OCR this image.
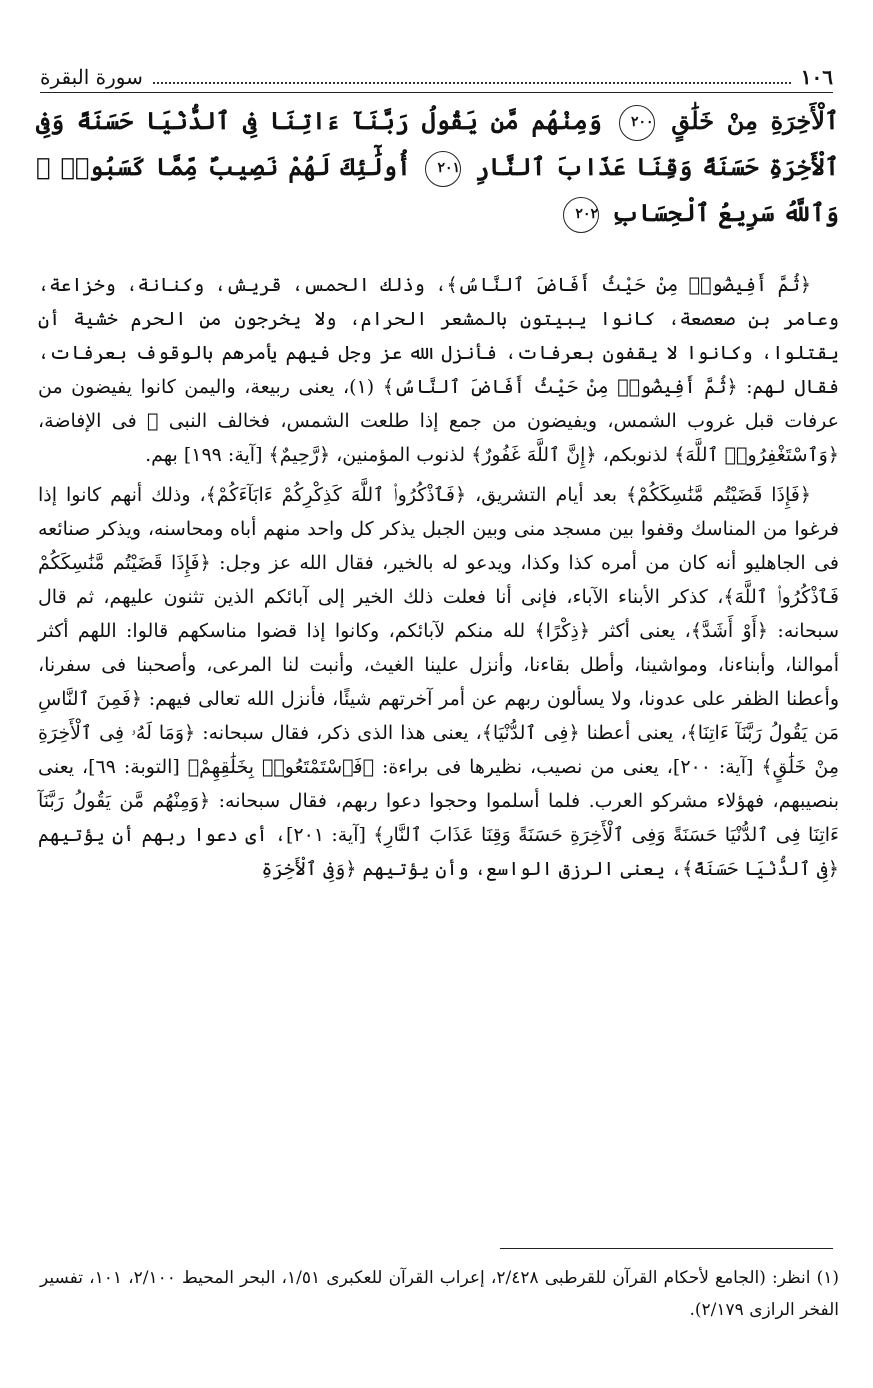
١٠٦
سورة البقرة
ٱلْأَخِرَةِ مِنْ خَلَٰقٍ ٢٠٠ وَمِنْهُم مَّن يَقُولُ رَبَّنَآ ءَاتِنَا فِى ٱلدُّنْيَا حَسَنَةً وَفِى ٱلْأَخِرَةِ حَسَنَةً وَقِنَا عَذَابَ ٱلنَّارِ ٢٠١ أُولَٰٓئِكَ لَهُمْ نَصِيبٌ مِّمَّا كَسَبُوا۟ ۚ وَٱللَّهُ سَرِيعُ ٱلْحِسَابِ ٢٠٢

﴿ثُمَّ أَفِيضُوا۟ مِنْ حَيْثُ أَفَاضَ ٱلنَّاسُ﴾، وذلك الحمس، قريش، وكنانة، وخزاعة، وعامر بن صعصعة، كانوا يبيتون بالمشعر الحرام، ولا يخرجون من الحرم خشية أن يقتلوا، وكانوا لا يقفون بعرفات، فأنزل الله عز وجل فيهم يأمرهم بالوقوف بعرفات، فقال لهم: ﴿ثُمَّ أَفِيضُوا۟ مِنْ حَيْثُ أَفَاضَ ٱلنَّاسُ﴾ (١)، يعنى ربيعة، واليمن كانوا يفيضون من عرفات قبل غروب الشمس، ويفيضون من جمع إذا طلعت الشمس، فخالف النبى ﷺ فى الإفاضة، ﴿وَٱسْتَغْفِرُوا۟ ٱللَّهَ﴾ لذنوبكم، ﴿إِنَّ ٱللَّهَ غَفُورٌ﴾ لذنوب المؤمنين، ﴿رَّحِيمٌ﴾ [آية: ١٩٩] بهم.

﴿فَإِذَا قَضَيْتُم مَّنَٰسِكَكُمْ﴾ بعد أيام التشريق، ﴿فَٱذْكُرُوا۟ ٱللَّهَ كَذِكْرِكُمْ ءَابَآءَكُمْ﴾، وذلك أنهم كانوا إذا فرغوا من المناسك وقفوا بين مسجد منى وبين الجبل يذكر كل واحد منهم أباه ومحاسنه، ويذكر صنائعه فى الجاهليو أنه كان من أمره كذا وكذا، ويدعو له بالخير، فقال الله عز وجل: ﴿فَإِذَا قَضَيْتُم مَّنَٰسِكَكُمْ فَٱذْكُرُوا۟ ٱللَّهَ﴾، كذكر الأبناء الآباء، فإنى أنا فعلت ذلك الخير إلى آبائكم الذين تثنون عليهم، ثم قال سبحانه: ﴿أَوْ أَشَدَّ﴾، يعنى أكثر ﴿ذِكْرًا﴾ لله منكم لآبائكم، وكانوا إذا قضوا مناسكهم قالوا: اللهم أكثر أموالنا، وأبناءنا، ومواشينا، وأطل بقاءنا، وأنزل علينا الغيث، وأنبت لنا المرعى، وأصحبنا فى سفرنا، وأعطنا الظفر على عدونا، ولا يسألون ربهم عن أمر آخرتهم شيئًا، فأنزل الله تعالى فيهم: ﴿فَمِنَ ٱلنَّاسِ مَن يَقُولُ رَبَّنَآ ءَاتِنَا﴾، يعنى أعطنا ﴿فِى ٱلدُّنْيَا﴾، يعنى هذا الذى ذكر، فقال سبحانه: ﴿وَمَا لَهُۥ فِى ٱلْأَخِرَةِ مِنْ خَلَٰقٍ﴾ [آية: ٢٠٠]، يعنى من نصيب، نظيرها فى براءة: ﴿فَٱسْتَمْتَعُوا۟ بِخَلَٰقِهِمْ﴾ [التوبة: ٦٩]، يعنى بنصيبهم، فهؤلاء مشركو العرب. فلما أسلموا وحجوا دعوا ربهم، فقال سبحانه: ﴿وَمِنْهُم مَّن يَقُولُ رَبَّنَآ ءَاتِنَا فِى ٱلدُّنْيَا حَسَنَةً وَفِى ٱلْأَخِرَةِ حَسَنَةً وَقِنَا عَذَابَ ٱلنَّارِ﴾ [آية: ٢٠١]، أى دعوا ربهم أن يؤتيهم ﴿فِى ٱلدُّنْيَا حَسَنَةً﴾، يعنى الرزق الواسع، وأن يؤتيهم ﴿وَفِى ٱلْأَخِرَةِ

(١) انظر: (الجامع لأحكام القرآن للقرطبى ٢/٤٢٨، إعراب القرآن للعكبرى ١/٥١، البحر المحيط ٢/١٠٠، ١٠١، تفسير الفخر الرازى ٢/١٧٩).
